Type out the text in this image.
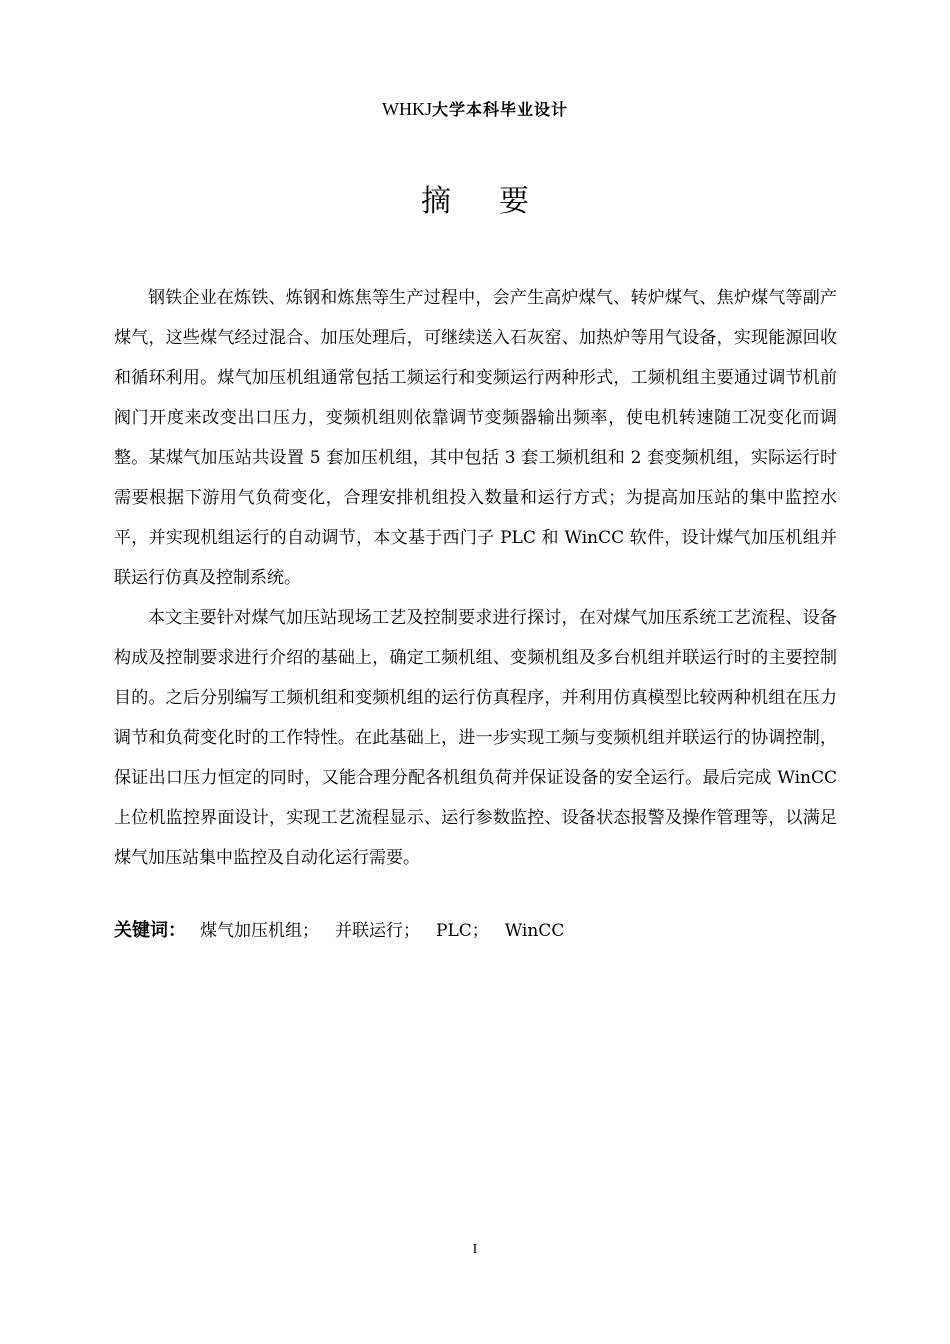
WHKJ大学本科毕业设计
摘要

钢铁企业在炼铁、炼钢和炼焦等生产过程中，会产生高炉煤气、转炉煤气、焦炉煤气等副产煤气，这些煤气经过混合、加压处理后，可继续送入石灰窑、加热炉等用气设备，实现能源回收和循环利用。煤气加压机组通常包括工频运行和变频运行两种形式，工频机组主要通过调节机前阀门开度来改变出口压力，变频机组则依靠调节变频器输出频率，使电机转速随工况变化而调整。某煤气加压站共设置 5 套加压机组，其中包括 3 套工频机组和 2 套变频机组，实际运行时需要根据下游用气负荷变化，合理安排机组投入数量和运行方式；为提高加压站的集中监控水平，并实现机组运行的自动调节，本文基于西门子 PLC 和 WinCC 软件，设计煤气加压机组并联运行仿真及控制系统。

本文主要针对煤气加压站现场工艺及控制要求进行探讨，在对煤气加压系统工艺流程、设备构成及控制要求进行介绍的基础上，确定工频机组、变频机组及多台机组并联运行时的主要控制目的。之后分别编写工频机组和变频机组的运行仿真程序，并利用仿真模型比较两种机组在压力调节和负荷变化时的工作特性。在此基础上，进一步实现工频与变频机组并联运行的协调控制，保证出口压力恒定的同时，又能合理分配各机组负荷并保证设备的安全运行。最后完成 WinCC 上位机监控界面设计，实现工艺流程显示、运行参数监控、设备状态报警及操作管理等，以满足煤气加压站集中监控及自动化运行需要。

关键词： 煤气加压机组； 并联运行； PLC； WinCC
I
